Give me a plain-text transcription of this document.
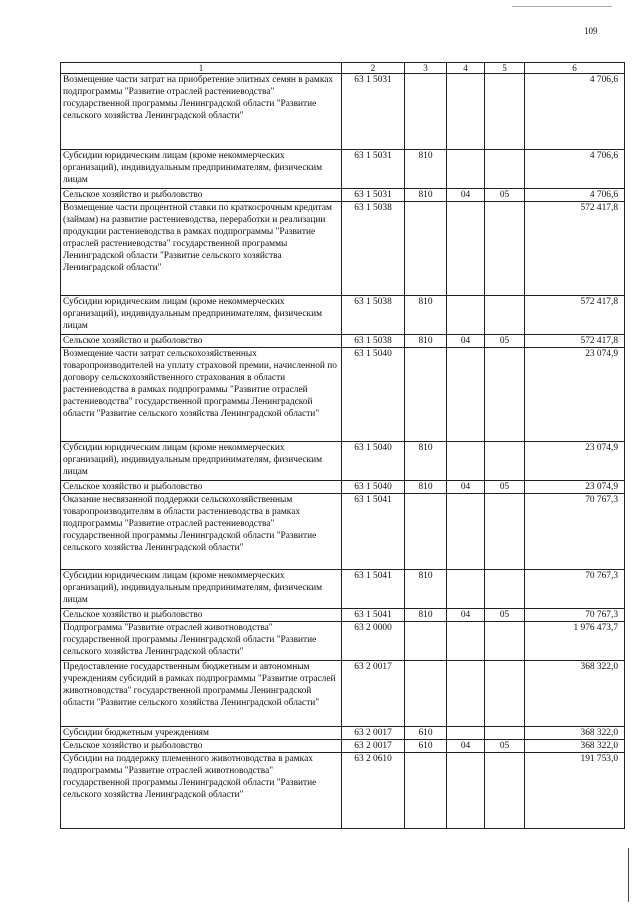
109
1	2	3	4	5	6
Возмещение части затрат на приобретение элитных семян в рамках подпрограммы "Развитие отраслей растениеводства" государственной программы Ленинградской области "Развитие сельского хозяйства Ленинградской области"	63 1 5031				4 706,6
Субсидии юридическим лицам (кроме некоммерческих организаций), индивидуальным предпринимателям, физическим лицам	63 1 5031	810			4 706,6
Сельское хозяйство и рыболовство	63 1 5031	810	04	05	4 706,6
Возмещение части процентной ставки по краткосрочным кредитам (займам) на развитие растениеводства, переработки и реализации продукции растениеводства в рамках подпрограммы "Развитие отраслей растениеводства" государственной программы Ленинградской области "Развитие сельского хозяйства Ленинградской области"	63 1 5038				572 417,8
Субсидии юридическим лицам (кроме некоммерческих организаций), индивидуальным предпринимателям, физическим лицам	63 1 5038	810			572 417,8
Сельское хозяйство и рыболовство	63 1 5038	810	04	05	572 417,8
Возмещение части затрат сельскохозяйственных товаропроизводителей на уплату страховой премии, начисленной по договору сельскохозяйственного страхования в области растениеводства в рамках подпрограммы "Развитие отраслей растениеводства" государственной программы Ленинградской области "Развитие сельского хозяйства Ленинградской области"	63 1 5040				23 074,9
Субсидии юридическим лицам (кроме некоммерческих организаций), индивидуальным предпринимателям, физическим лицам	63 1 5040	810			23 074,9
Сельское хозяйство и рыболовство	63 1 5040	810	04	05	23 074,9
Оказание несвязанной поддержки сельскохозяйственным товаропроизводителям в области растениеводства в рамках подпрограммы "Развитие отраслей растениеводства" государственной программы Ленинградской области "Развитие сельского хозяйства Ленинградской области"	63 1 5041				70 767,3
Субсидии юридическим лицам (кроме некоммерческих организаций), индивидуальным предпринимателям, физическим лицам	63 1 5041	810			70 767,3
Сельское хозяйство и рыболовство	63 1 5041	810	04	05	70 767,3
Подпрограмма "Развитие отраслей животноводства" государственной программы Ленинградской области "Развитие сельского хозяйства Ленинградской области"	63 2 0000				1 976 473,7
Предоставление государственным бюджетным и автономным учреждениям субсидий в рамках подпрограммы "Развитие отраслей животноводства" государственной программы Ленинградской области "Развитие сельского хозяйства Ленинградской области"	63 2 0017				368 322,0
Субсидии бюджетным учреждениям	63 2 0017	610			368 322,0
Сельское хозяйство и рыболовство	63 2 0017	610	04	05	368 322,0
Субсидии на поддержку племенного животноводства в рамках подпрограммы "Развитие отраслей животноводства" государственной программы Ленинградской области "Развитие сельского хозяйства Ленинградской области"	63 2 0610				191 753,0
